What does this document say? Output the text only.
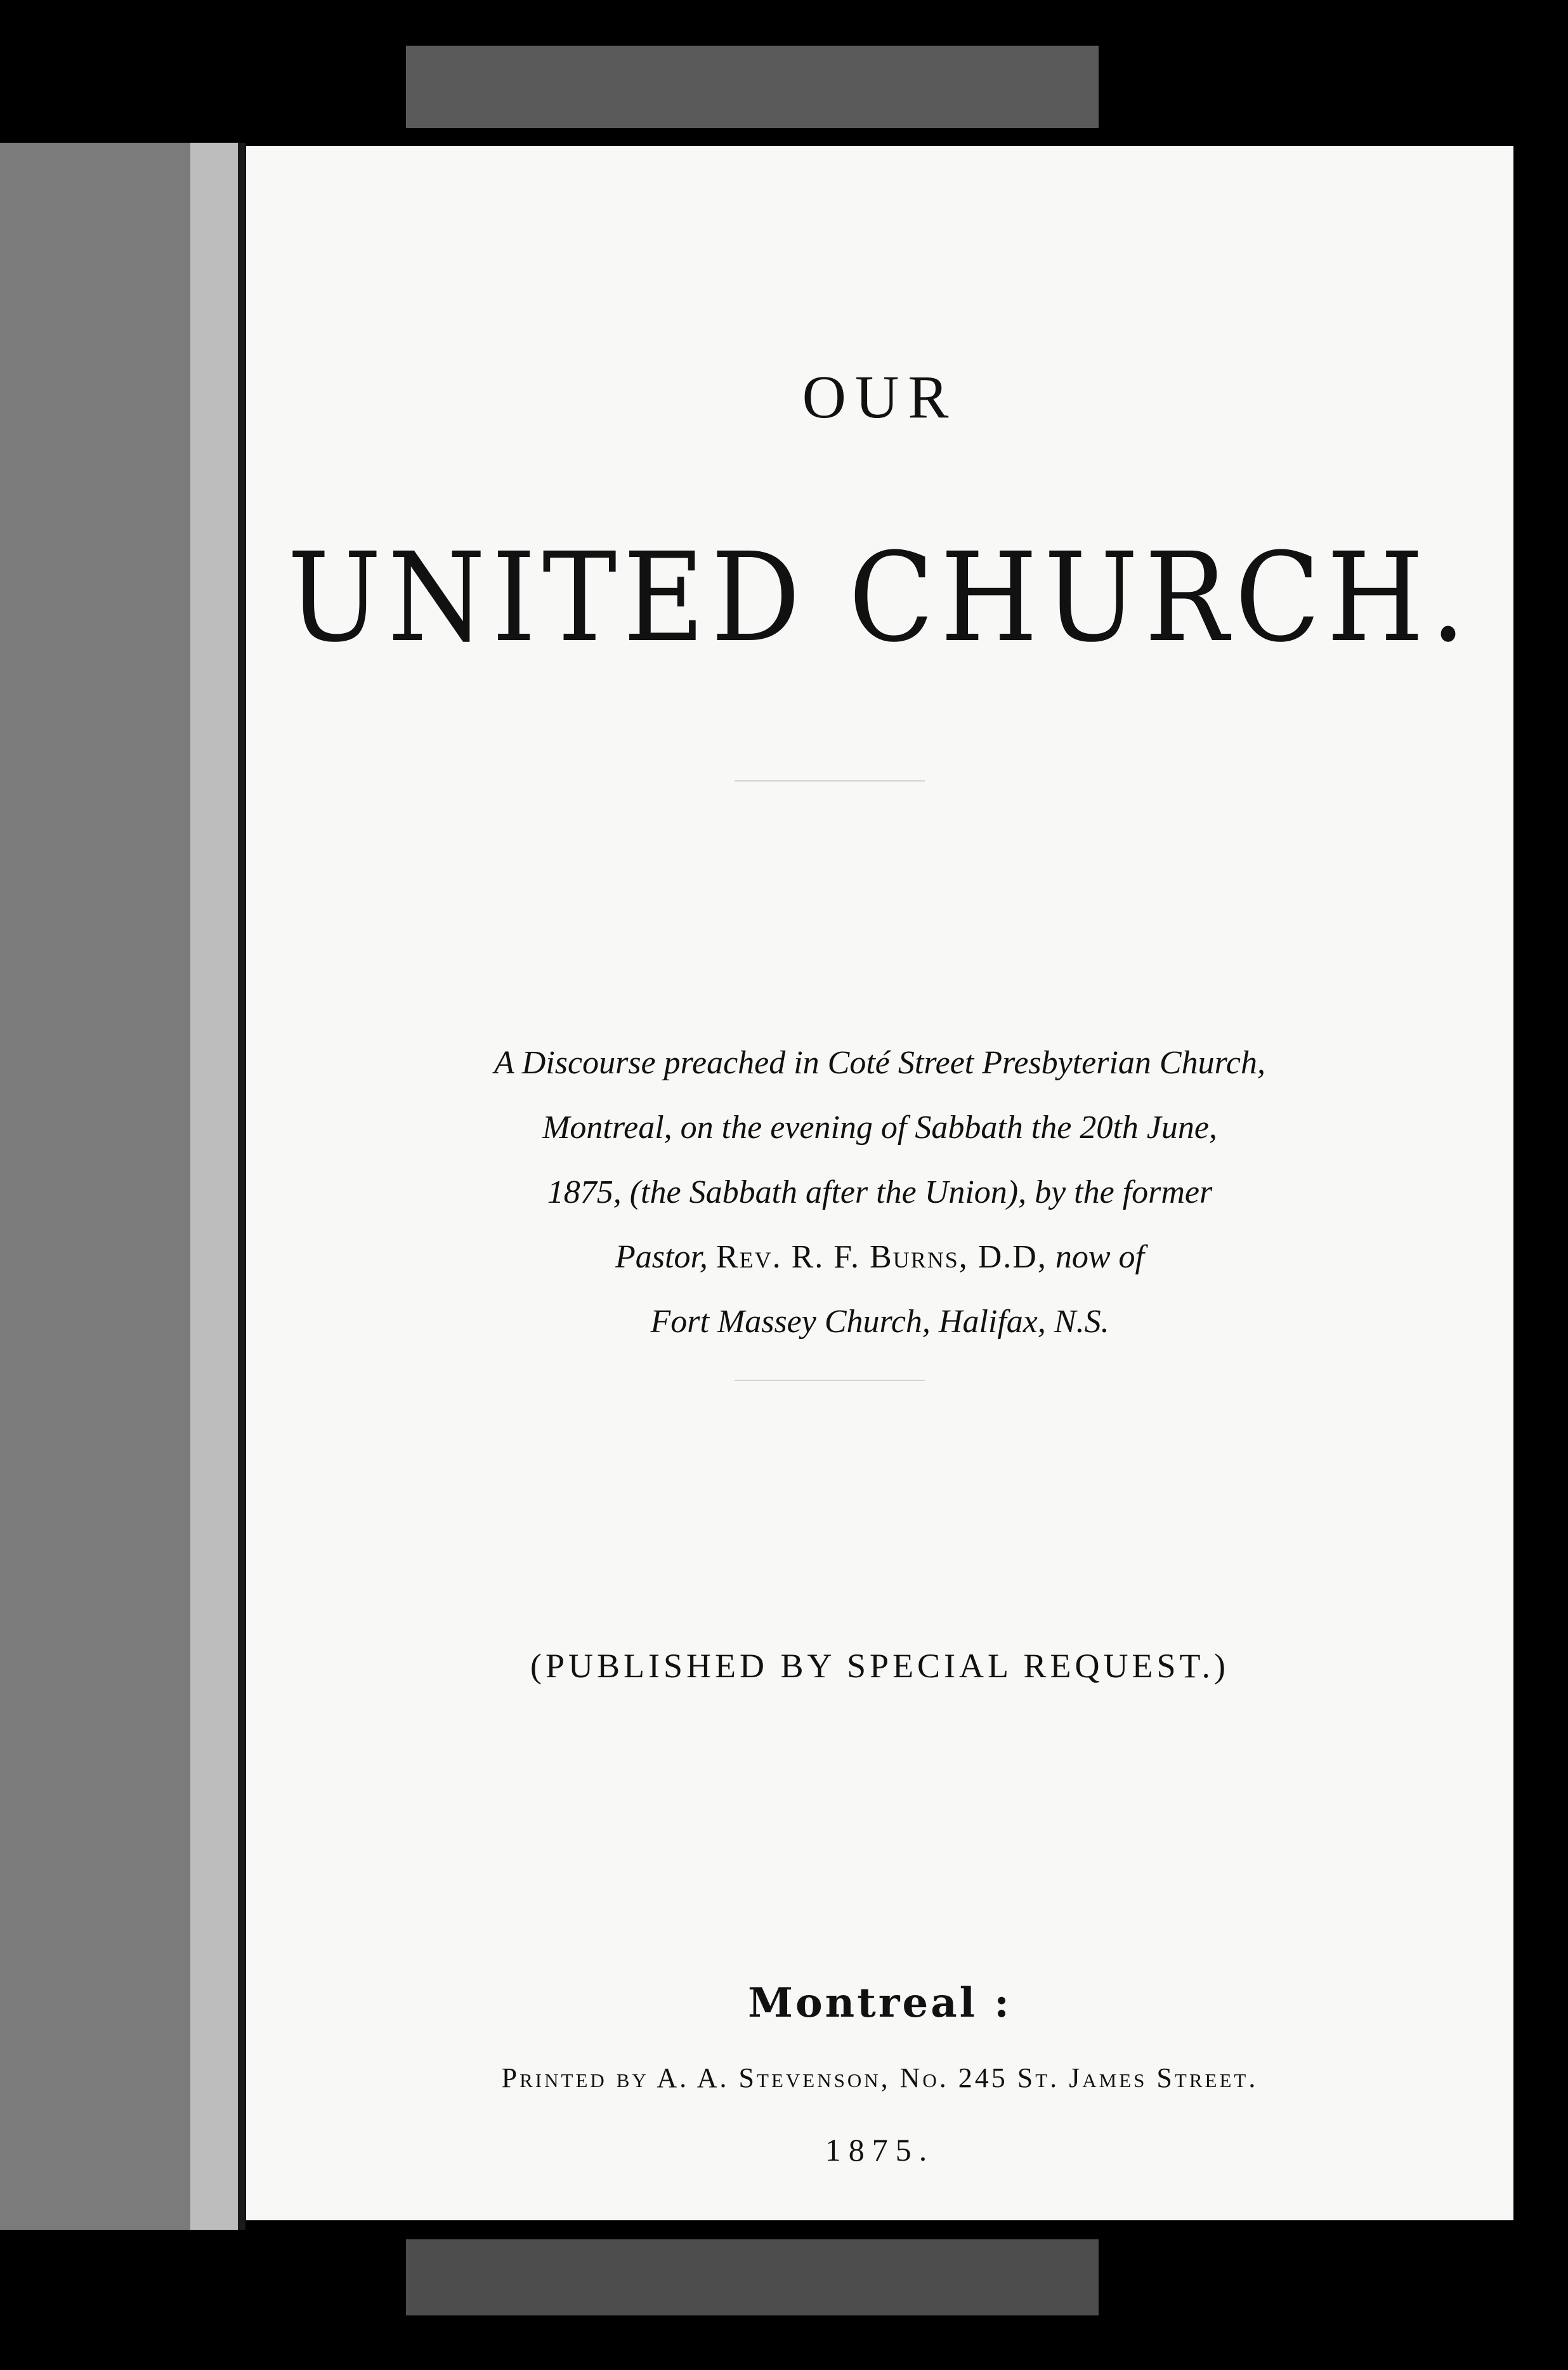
OUR
UNITED CHURCH.
A Discourse preached in Coté Street Presbyterian Church,
Montreal, on the evening of Sabbath the 20th June,
1875, (the Sabbath after the Union), by the former
Pastor, Rev. R. F. Burns, D.D, now of
Fort Massey Church, Halifax, N.S.
(PUBLISHED BY SPECIAL REQUEST.)
Montreal :
Printed by A. A. Stevenson, No. 245 St. James Street.
1875.
